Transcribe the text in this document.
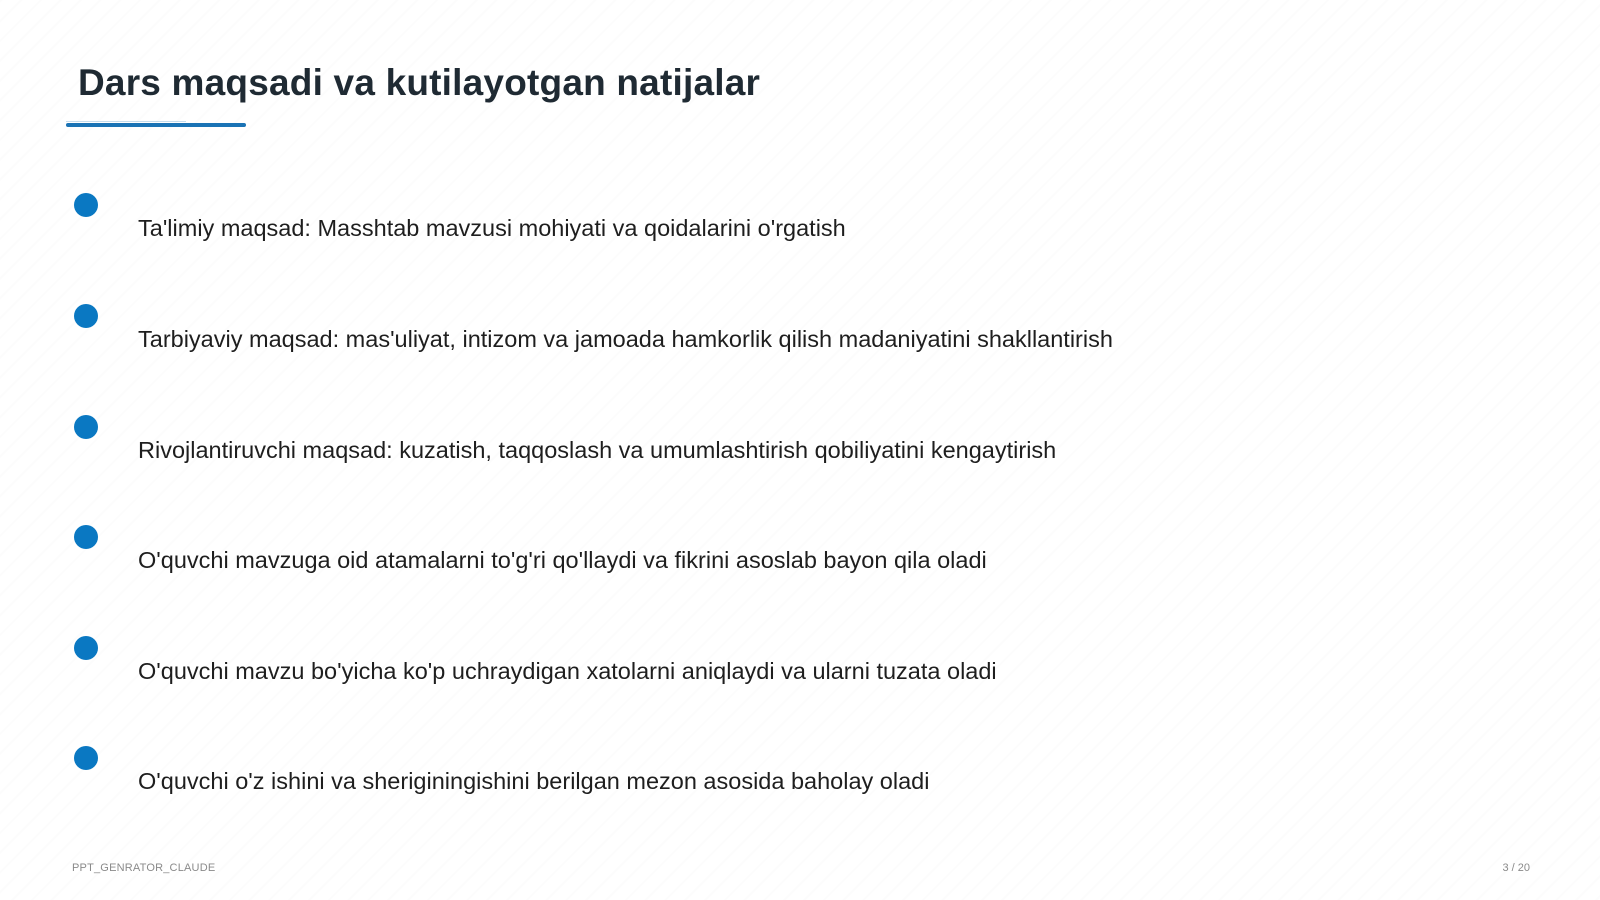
Dars maqsadi va kutilayotgan natijalar
Ta'limiy maqsad: Masshtab mavzusi mohiyati va qoidalarini o'rgatish
Tarbiyaviy maqsad: mas'uliyat, intizom va jamoada hamkorlik qilish madaniyatini shakllantirish
Rivojlantiruvchi maqsad: kuzatish, taqqoslash va umumlashtirish qobiliyatini kengaytirish
O'quvchi mavzuga oid atamalarni to'g'ri qo'llaydi va fikrini asoslab bayon qila oladi
O'quvchi mavzu bo'yicha ko'p uchraydigan xatolarni aniqlaydi va ularni tuzata oladi
O'quvchi o'z ishini va sheriginingishini berilgan mezon asosida baholay oladi
PPT_GENRATOR_CLAUDE	3 / 20
